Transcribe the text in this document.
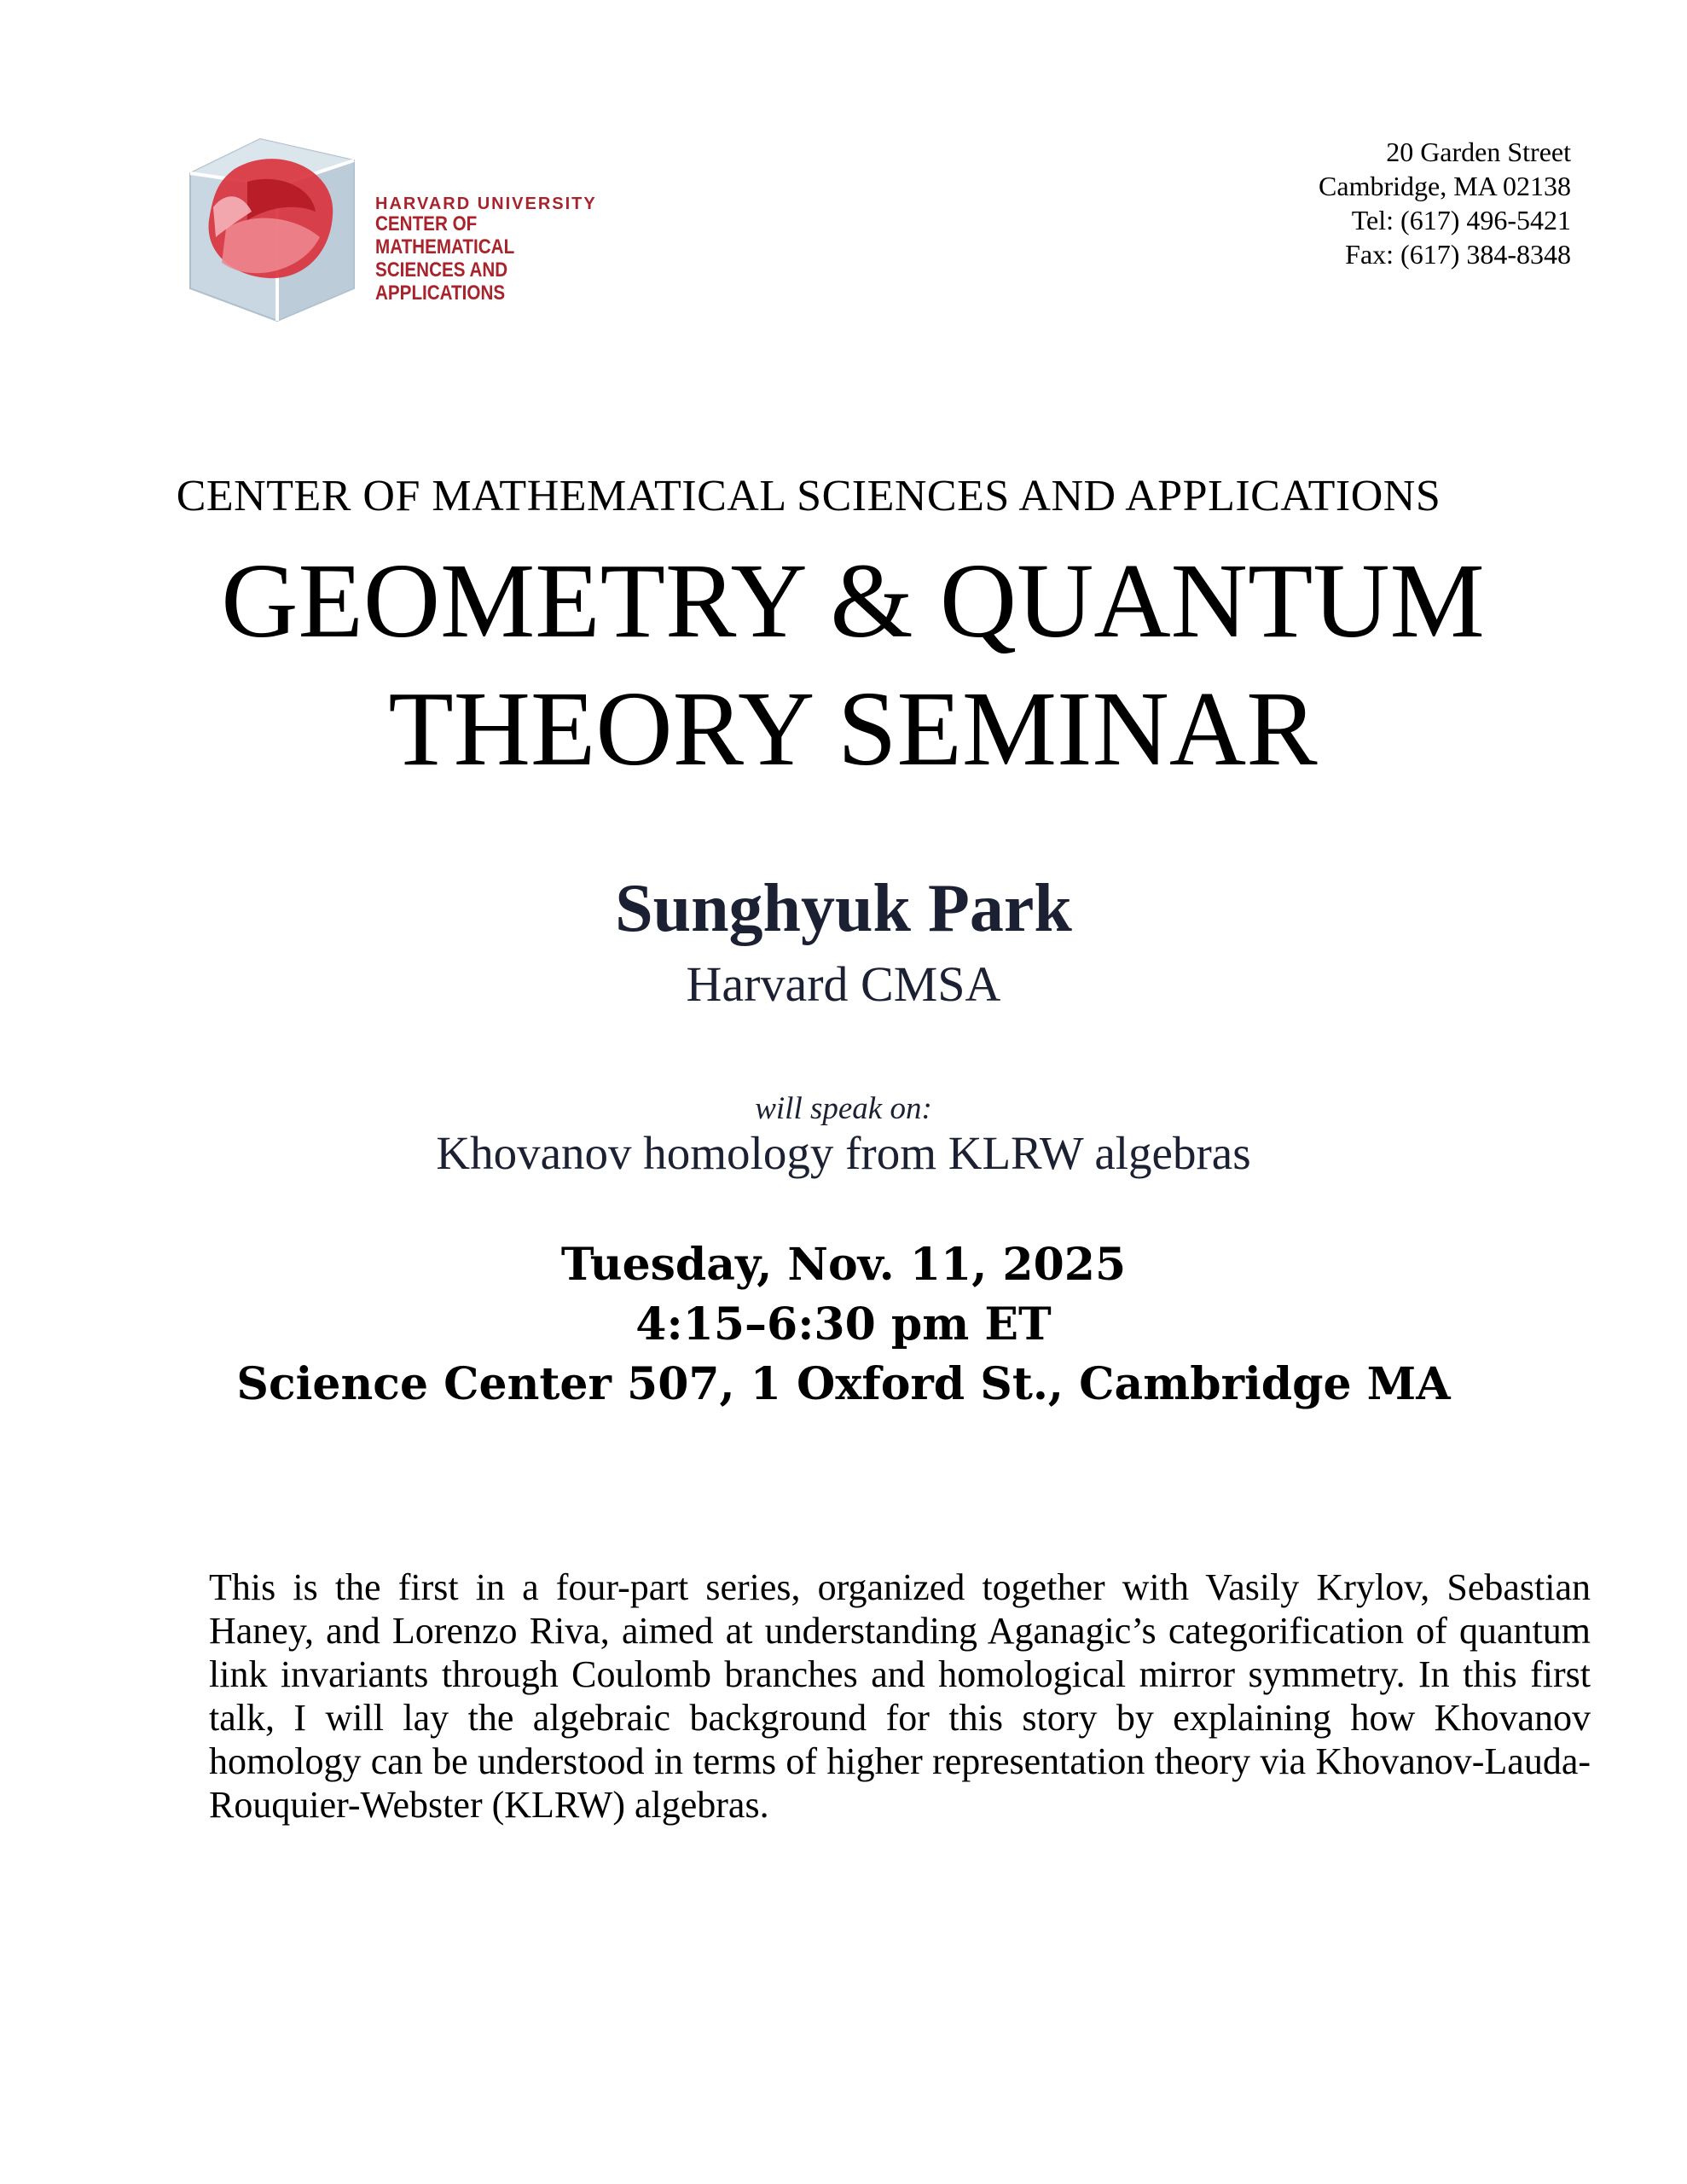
HARVARD UNIVERSITY
CENTER OF MATHEMATICAL
SCIENCES AND APPLICATIONS
20 Garden Street
Cambridge, MA 02138
Tel: (617) 496-5421
Fax: (617) 384-8348
CENTER OF MATHEMATICAL SCIENCES AND APPLICATIONS
GEOMETRY & QUANTUM
THEORY SEMINAR
Sunghyuk Park
Harvard CMSA
will speak on:
Khovanov homology from KLRW algebras
Tuesday, Nov. 11, 2025
4:15–6:30 pm ET
Science Center 507, 1 Oxford St., Cambridge MA
This is the first in a four-part series, organized together with Vasily Krylov, Sebastian Haney, and Lorenzo Riva, aimed at understanding Aganagic’s categorification of quantum link invariants through Coulomb branches and homological mirror symmetry. In this first talk, I will lay the algebraic background for this story by explaining how Khovanov homology can be understood in terms of higher representation theory via Khovanov-Lauda-Rouquier-Webster (KLRW) algebras.
